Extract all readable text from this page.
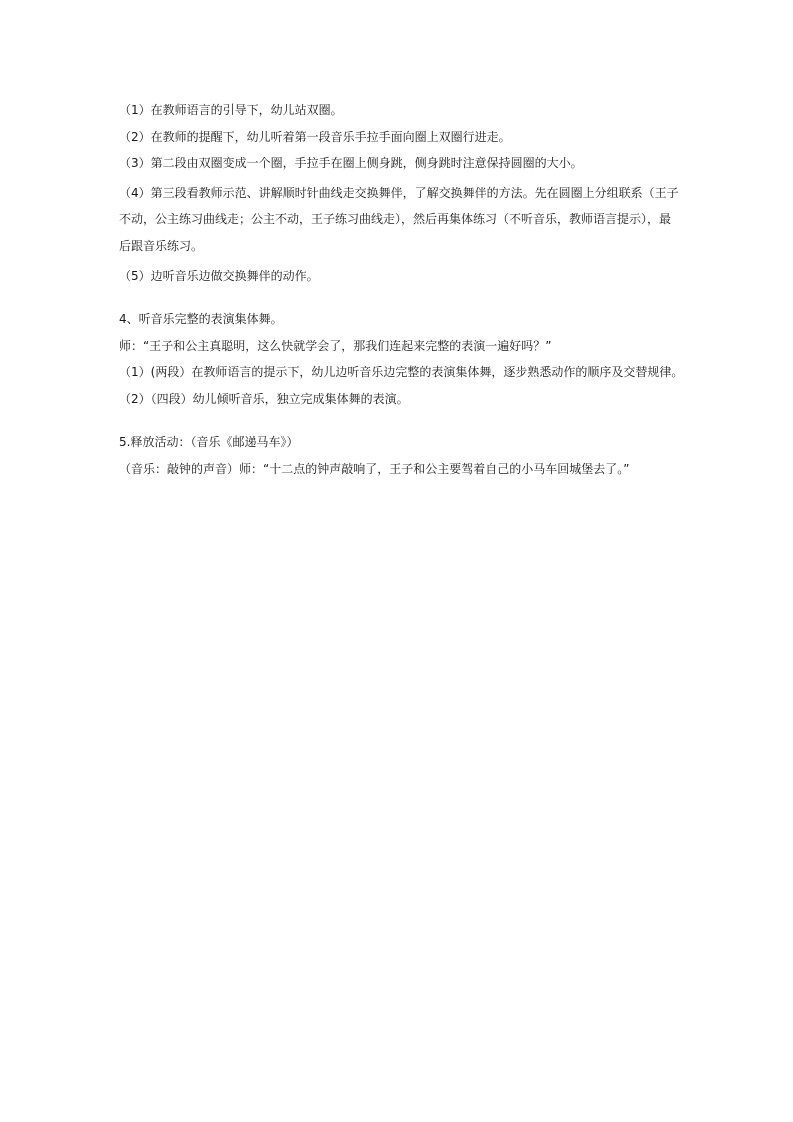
（1）在教师语言的引导下，幼儿站双圈。
（2）在教师的提醒下，幼儿听着第一段音乐手拉手面向圈上双圈行进走。
（3）第二段由双圈变成一个圈，手拉手在圈上侧身跳，侧身跳时注意保持圆圈的大小。
（4）第三段看教师示范、讲解顺时针曲线走交换舞伴，了解交换舞伴的方法。先在圆圈上分组联系（王子不动，公主练习曲线走；公主不动，王子练习曲线走），然后再集体练习（不听音乐，教师语言提示），最后跟音乐练习。
（5）边听音乐边做交换舞伴的动作。
4、听音乐完整的表演集体舞。
师：“王子和公主真聪明，这么快就学会了，那我们连起来完整的表演一遍好吗？”
（1）(两段）在教师语言的提示下，幼儿边听音乐边完整的表演集体舞，逐步熟悉动作的顺序及交替规律。
（2）（四段）幼儿倾听音乐，独立完成集体舞的表演。
5.释放活动：（音乐《邮递马车》）
（音乐：敲钟的声音）师：“十二点的钟声敲响了，王子和公主要驾着自己的小马车回城堡去了。”
